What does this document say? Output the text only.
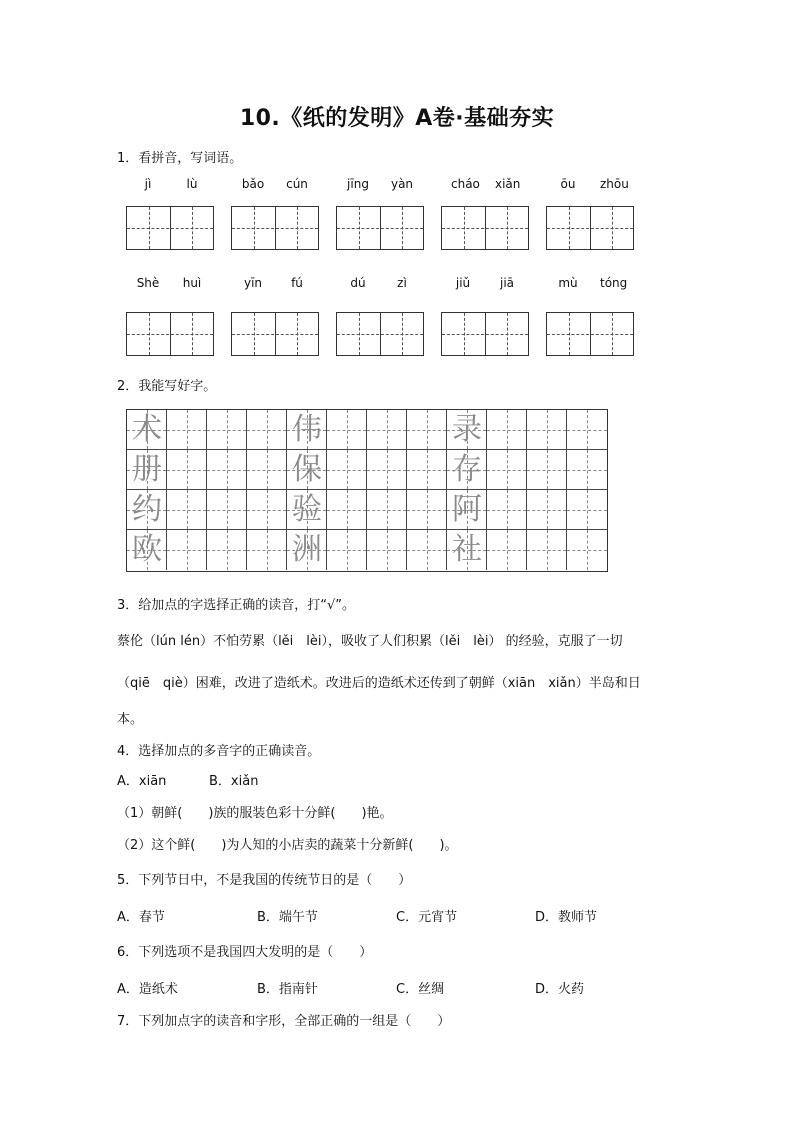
10.《纸的发明》A卷·基础夯实
1．看拼音，写词语。
jì	lù	bǎo cún	jīng yàn	cháo xiǎn	ōu	zhōu
Shè huì	yīn	fú	dú	zì	jiǔ	jiā	mù tóng
2．我能写好字。
术	伟	录
册	保	存
约	验	阿
欧	洲	社
3．给加点的字选择正确的读音，打“√”。
蔡伦（lún lén）不怕劳累（lěi　lèi），吸收了人们积累（lěi　lèi） 的经验，克服了一切
（qiē　qiè）困难，改进了造纸术。改进后的造纸术还传到了朝鲜（xiān　xiǎn）半岛和日
本。
4．选择加点的多音字的正确读音。
A．xiān	B．xiǎn
（1）朝鲜(　　)族的服装色彩十分鲜(　　)艳。
（2）这个鲜(　　)为人知的小店卖的蔬菜十分新鲜(　　)。
5．下列节日中，不是我国的传统节日的是（　　）
A．春节	B．端午节	C．元宵节	D．教师节
6．下列选项不是我国四大发明的是（　　）
A．造纸术	B．指南针	C．丝绸	D．火药
7．下列加点字的读音和字形，全部正确的一组是（　　）
